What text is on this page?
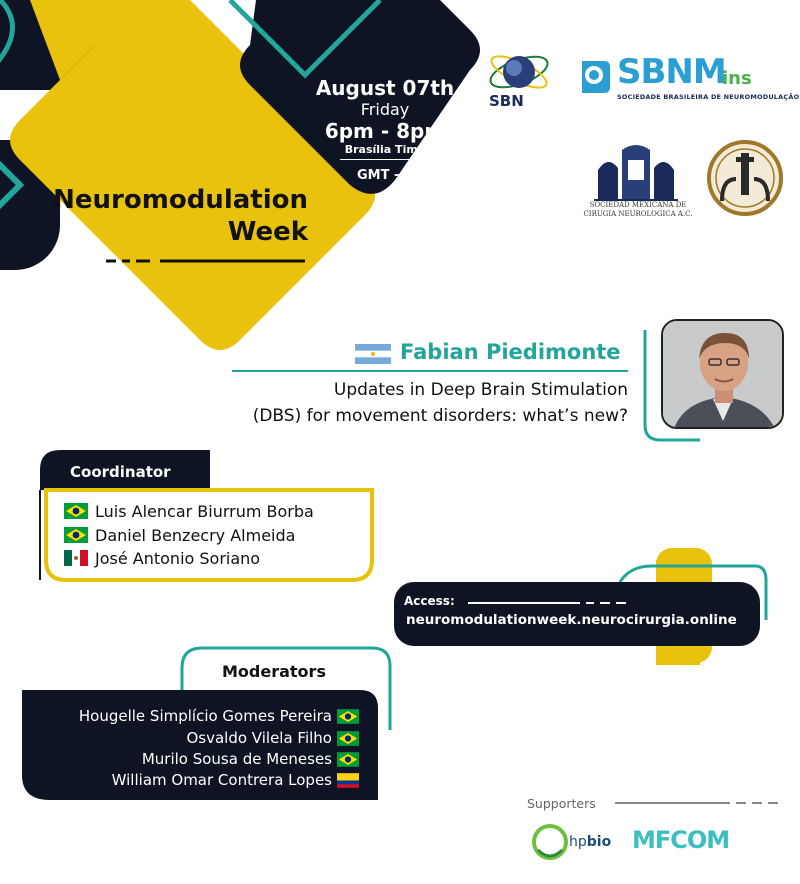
August 07th
Friday
6pm - 8pm
Brasília Time
GMT - 3
Neuromodulation
Week
SBN
SBNM
ins
SOCIEDADE BRASILEIRA DE NEUROMODULAÇÃO
SOCIEDAD MEXICANA DE
CIRUGIA NEUROLOGICA A.C.
Fabian Piedimonte
Updates in Deep Brain Stimulation
(DBS) for movement disorders: what’s new?
Coordinator
Luis Alencar Biurrum Borba
Daniel Benzecry Almeida
José Antonio Soriano
Access:
neuromodulationweek.neurocirurgia.online
Moderators
Hougelle Simplício Gomes Pereira
Osvaldo Vilela Filho
Murilo Sousa de Meneses
William Omar Contrera Lopes
Supporters
hpbio MFCOM
